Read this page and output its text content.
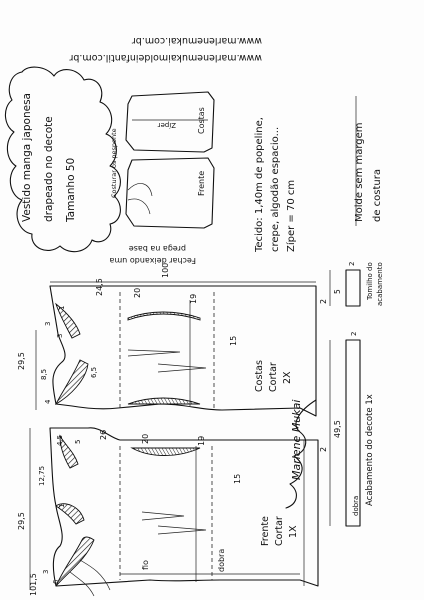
www.marlenemukai.com.br
www.marlenemukaimoldeinfantil.com.br
Vestido manga japonesa drapeado no decote Tamanho 50
Zíper	Costas
Frente
Costurar os pesponte
Fechar deixando uma
prega na base	Tecido: 1,40m de popeline, crepe, algodão espacio... Zíper = 70 cm	Molde sem margem de costura
100
24,5	20
19
15
2
29,5
8,5	6,5
3
4
1
3
Costas Cortar 2X
Marlene Mukai
101,5
26	20	19
15
2
29,5
12,75
4,5 5
3
6
1
fio	dobra
Frente Cortar 1X
5
2 Tomilho do acabamento
49,5
2
dobra Acabamento do decote 1x
